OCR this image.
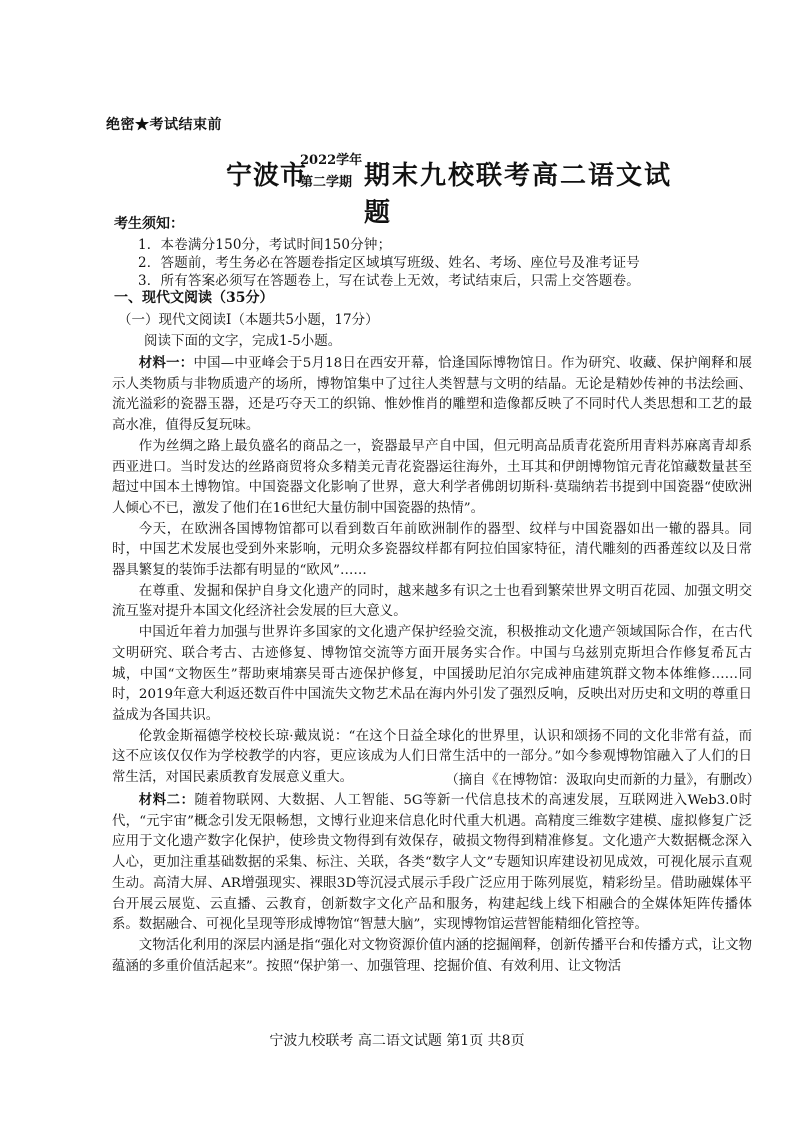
绝密★考试结束前
宁波市
2022学年
第二学期 期末九校联考高二语文试题
考生须知：
1．本卷满分150分，考试时间150分钟；
2．答题前，考生务必在答题卷指定区域填写班级、姓名、考场、座位号及准考证号
3．所有答案必须写在答题卷上，写在试卷上无效，考试结束后，只需上交答题卷。
一、现代文阅读（35分）
（一）现代文阅读Ⅰ（本题共5小题，17分）
阅读下面的文字，完成1-5小题。

材料一：中国—中亚峰会于5月18日在西安开幕，恰逢国际博物馆日。作为研究、收藏、保护阐释和展示人类物质与非物质遗产的场所，博物馆集中了过往人类智慧与文明的结晶。无论是精妙传神的书法绘画、流光溢彩的瓷器玉器，还是巧夺天工的织锦、惟妙惟肖的雕塑和造像都反映了不同时代人类思想和工艺的最高水准，值得反复玩味。

作为丝绸之路上最负盛名的商品之一，瓷器最早产自中国，但元明高品质青花瓷所用青料苏麻离青却系西亚进口。当时发达的丝路商贸将众多精美元青花瓷器运往海外，土耳其和伊朗博物馆元青花馆藏数量甚至超过中国本土博物馆。中国瓷器文化影响了世界，意大利学者佛朗切斯科·莫瑞纳若书提到中国瓷器“使欧洲人倾心不已，激发了他们在16世纪大量仿制中国瓷器的热情”。

今天，在欧洲各国博物馆都可以看到数百年前欧洲制作的器型、纹样与中国瓷器如出一辙的器具。同时，中国艺术发展也受到外来影响，元明众多瓷器纹样都有阿拉伯国家特征，清代雕刻的西番莲纹以及日常器具繁复的装饰手法都有明显的“欧风”……

在尊重、发掘和保护自身文化遗产的同时，越来越多有识之士也看到繁荣世界文明百花园、加强文明交流互鉴对提升本国文化经济社会发展的巨大意义。

中国近年着力加强与世界许多国家的文化遗产保护经验交流，积极推动文化遗产领域国际合作，在古代文明研究、联合考古、古迹修复、博物馆交流等方面开展务实合作。中国与乌兹别克斯坦合作修复希瓦古城，中国“文物医生”帮助柬埔寨吴哥古迹保护修复，中国援助尼泊尔完成神庙建筑群文物本体维修……同时，2019年意大利返还数百件中国流失文物艺术品在海内外引发了强烈反响，反映出对历史和文明的尊重日益成为各国共识。

伦敦金斯福德学校校长琼·戴岚说：“在这个日益全球化的世界里，认识和颂扬不同的文化非常有益，而这不应该仅仅作为学校教学的内容，更应该成为人们日常生活中的一部分。”如今参观博物馆融入了人们的日常生活，对国民素质教育发展意义重大。	（摘自《在博物馆：汲取向史而新的力量》，有删改）

材料二：随着物联网、大数据、人工智能、5G等新一代信息技术的高速发展，互联网进入Web3.0时代，“元宇宙”概念引发无限畅想，文博行业迎来信息化时代重大机遇。高精度三维数字建模、虚拟修复广泛应用于文化遗产数字化保护，使珍贵文物得到有效保存，破损文物得到精准修复。文化遗产大数据概念深入人心，更加注重基础数据的采集、标注、关联，各类“数字人文”专题知识库建设初见成效，可视化展示直观生动。高清大屏、AR增强现实、裸眼3D等沉浸式展示手段广泛应用于陈列展览，精彩纷呈。借助融媒体平台开展云展览、云直播、云教育，创新数字文化产品和服务，构建起线上线下相融合的全媒体矩阵传播体系。数据融合、可视化呈现等形成博物馆“智慧大脑”，实现博物馆运营智能精细化管控等。

文物活化利用的深层内涵是指“强化对文物资源价值内涵的挖掘阐释，创新传播平台和传播方式，让文物蕴涵的多重价值活起来”。按照“保护第一、加强管理、挖掘价值、有效利用、让文物活

宁波九校联考 高二语文试题 第1页 共8页
